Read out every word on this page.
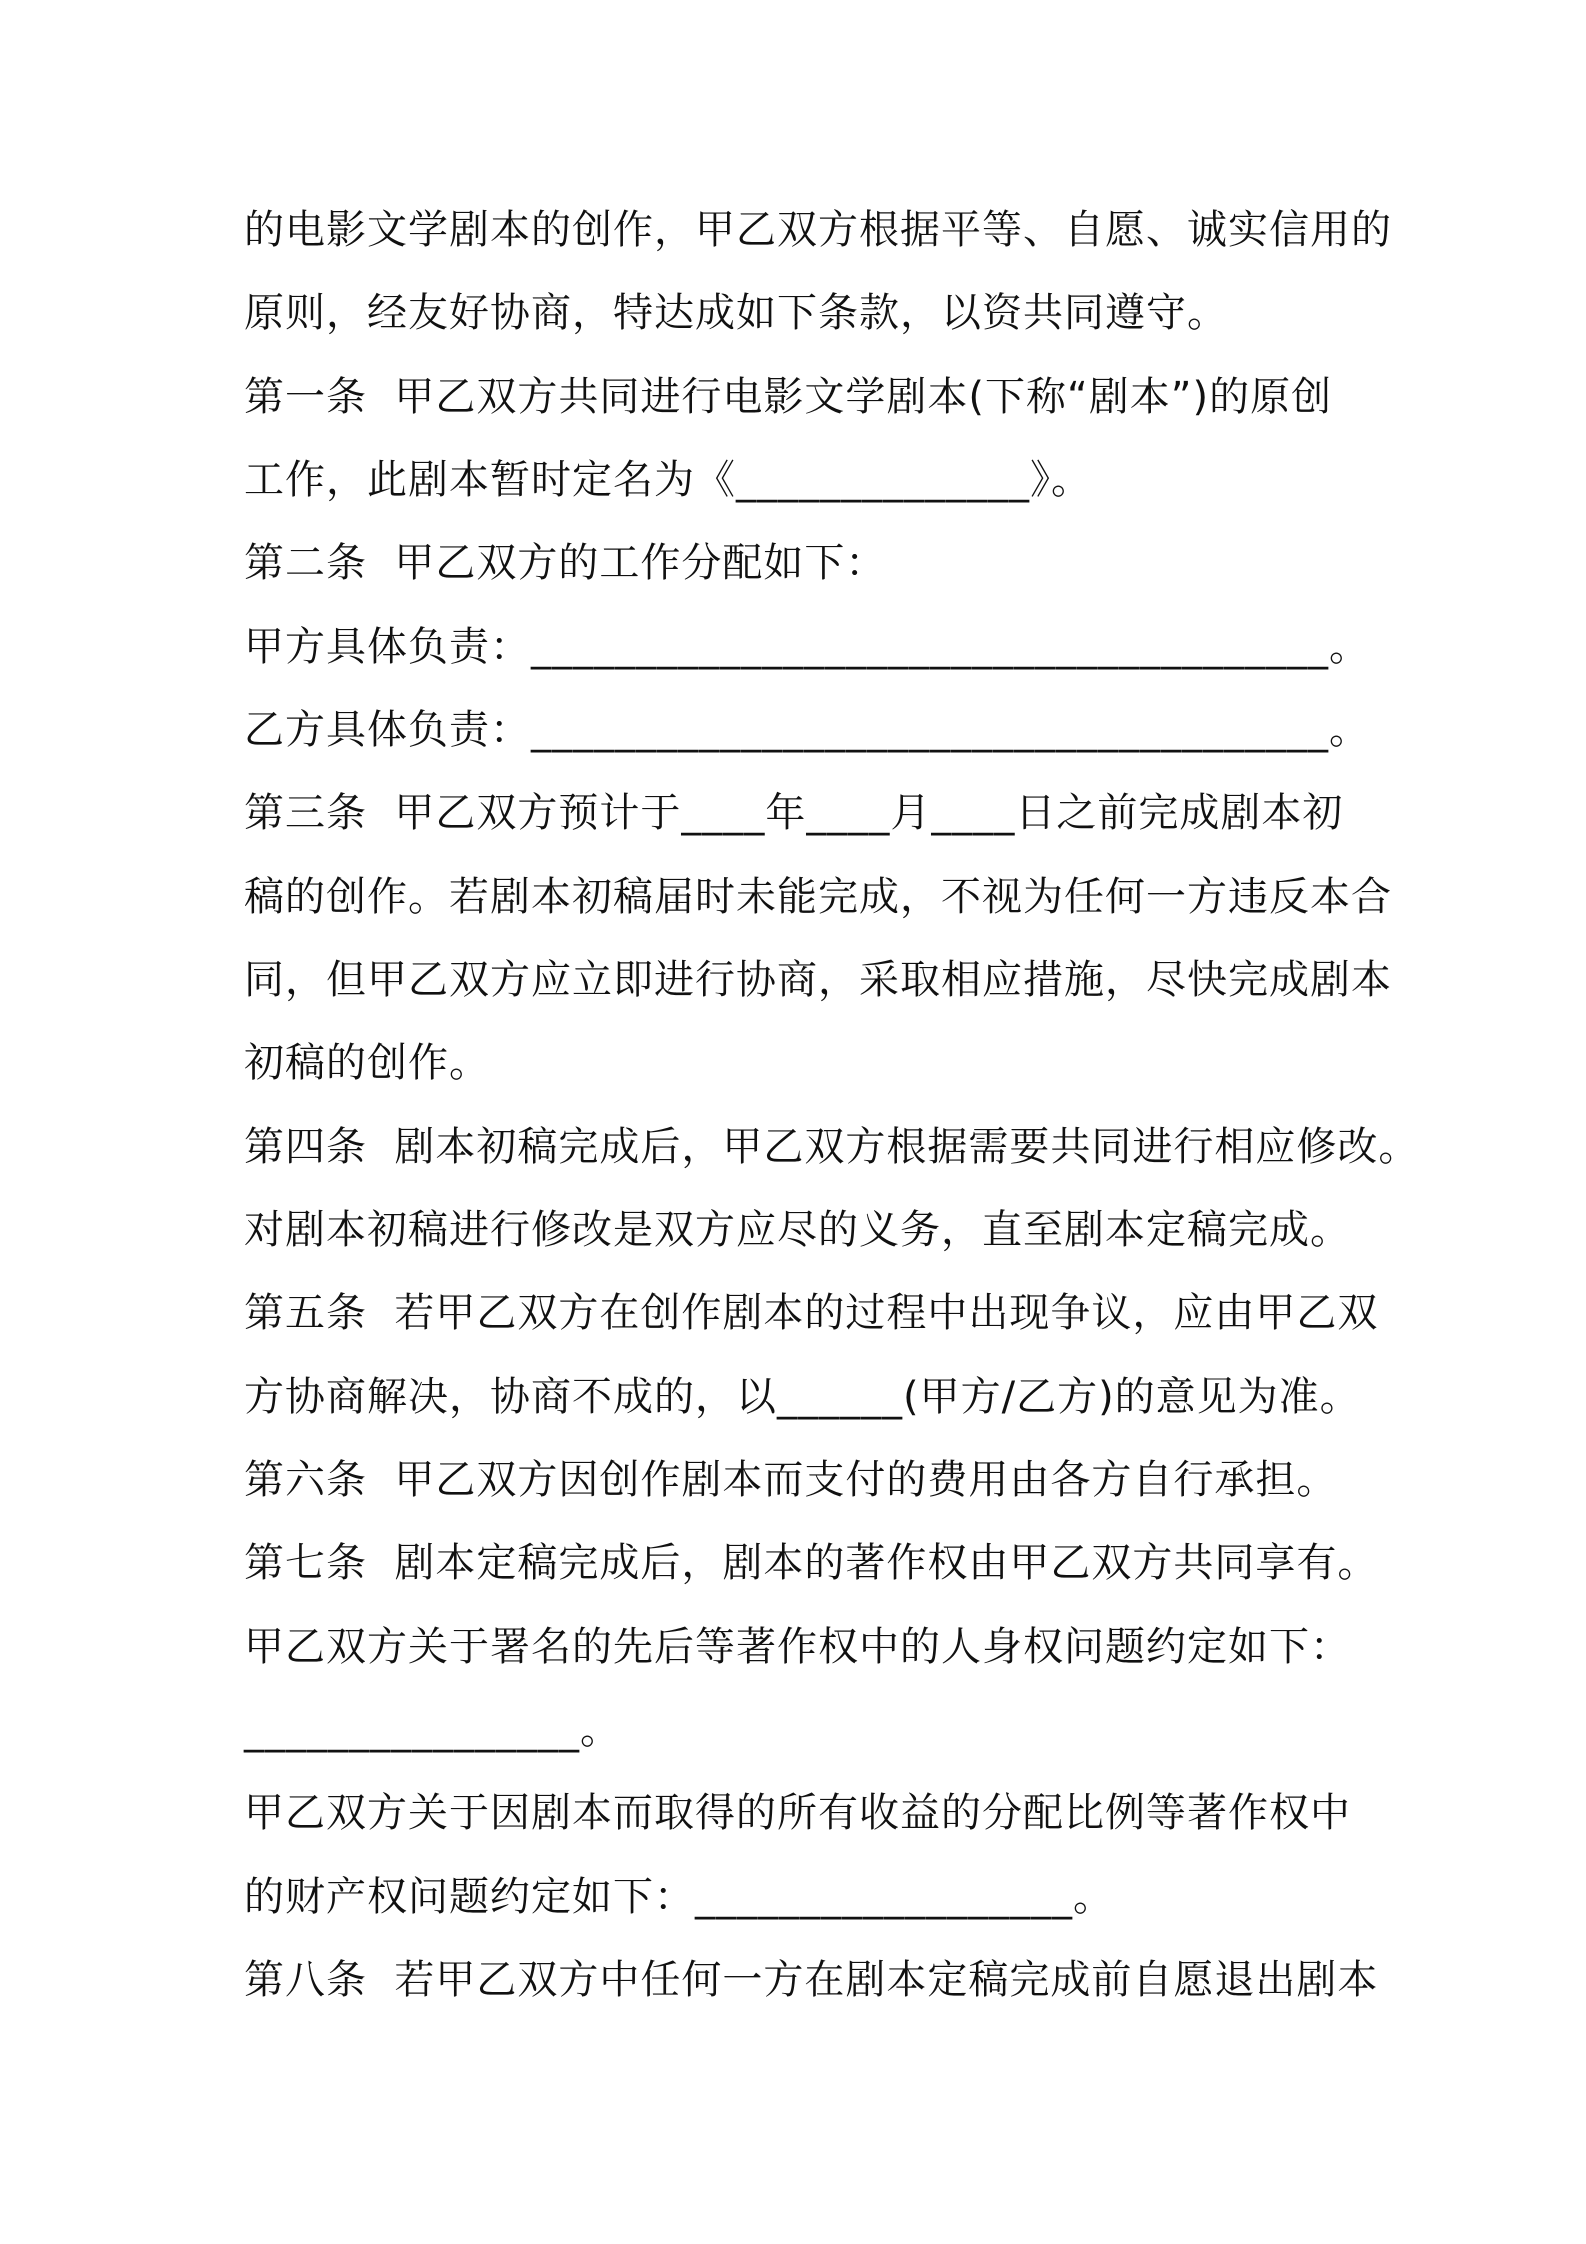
的电影文学剧本的创作，甲乙双方根据平等、自愿、诚实信用的
原则，经友好协商，特达成如下条款，以资共同遵守。
第一条  甲乙双方共同进行电影文学剧本(下称“剧本”)的原创
工作，此剧本暂时定名为《______________》。
第二条  甲乙双方的工作分配如下：
甲方具体负责：______________________________________。
乙方具体负责：______________________________________。
第三条  甲乙双方预计于____年____月____日之前完成剧本初
稿的创作。若剧本初稿届时未能完成，不视为任何一方违反本合
同，但甲乙双方应立即进行协商，采取相应措施，尽快完成剧本
初稿的创作。
第四条  剧本初稿完成后，甲乙双方根据需要共同进行相应修改。
对剧本初稿进行修改是双方应尽的义务，直至剧本定稿完成。
第五条  若甲乙双方在创作剧本的过程中出现争议，应由甲乙双
方协商解决，协商不成的，以______(甲方/乙方)的意见为准。
第六条  甲乙双方因创作剧本而支付的费用由各方自行承担。
第七条  剧本定稿完成后，剧本的著作权由甲乙双方共同享有。
甲乙双方关于署名的先后等著作权中的人身权问题约定如下：
________________。
甲乙双方关于因剧本而取得的所有收益的分配比例等著作权中
的财产权问题约定如下：__________________。
第八条  若甲乙双方中任何一方在剧本定稿完成前自愿退出剧本
